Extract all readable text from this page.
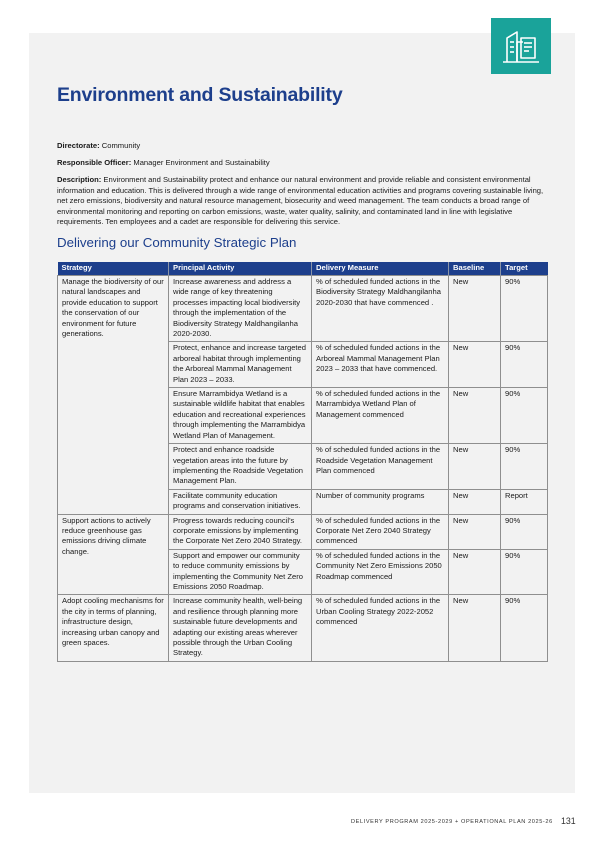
Environment and Sustainability
Directorate: Community
Responsible Officer: Manager Environment and Sustainability
Description: Environment and Sustainability protect and enhance our natural environment and provide reliable and consistent environmental information and education. This is delivered through a wide range of environmental education activities and programs covering sustainable living, net zero emissions, biodiversity and natural resource management, biosecurity and weed management. The team conducts a broad range of environmental monitoring and reporting on carbon emissions, waste, water quality, salinity, and contaminated land in line with legislative requirements. Ten employees and a cadet are responsible for delivering this service.
Delivering our Community Strategic Plan
Strategy	Principal Activity	Delivery Measure	Baseline	Target
Manage the biodiversity of our natural landscapes and provide education to support the conservation of our environment for future generations.	Increase awareness and address a wide range of key threatening processes impacting local biodiversity through the implementation of the Biodiversity Strategy Maldhangilanha 2020-2030.	% of scheduled funded actions in the Biodiversity Strategy Maldhangilanha 2020-2030 that have commenced .	New	90%
	Protect, enhance and increase targeted arboreal habitat through implementing the Arboreal Mammal Management Plan 2023 – 2033.	% of scheduled funded actions in the Arboreal Mammal Management Plan 2023 – 2033 that have commenced.	New	90%
	Ensure Marrambidya Wetland is a sustainable wildlife habitat that enables education and recreational experiences through implementing the Marrambidya Wetland Plan of Management.	% of scheduled funded actions in the Marrambidya Wetland Plan of Management commenced	New	90%
	Protect and enhance roadside vegetation areas into the future by implementing the Roadside Vegetation Management Plan.	% of scheduled funded actions in the Roadside Vegetation Management Plan commenced	New	90%
	Facilitate community education programs and conservation initiatives.	Number of community programs	New	Report
Support actions to actively reduce greenhouse gas emissions driving climate change.	Progress towards reducing council's corporate emissions by implementing the Corporate Net Zero 2040 Strategy.	% of scheduled funded actions in the Corporate Net Zero 2040 Strategy commenced	New	90%
	Support and empower our community to reduce community emissions by implementing the Community Net Zero Emissions 2050 Roadmap.	% of scheduled funded actions in the Community Net Zero Emissions 2050 Roadmap commenced	New	90%
Adopt cooling mechanisms for the city in terms of planning, infrastructure design, increasing urban canopy and green spaces.	Increase community health, well-being and resilience through planning more sustainable future developments and adapting our existing areas wherever possible through the Urban Cooling Strategy.	% of scheduled funded actions in the Urban Cooling Strategy 2022-2052 commenced	New	90%
DELIVERY PROGRAM 2025-2029 + OPERATIONAL PLAN 2025-26 131
